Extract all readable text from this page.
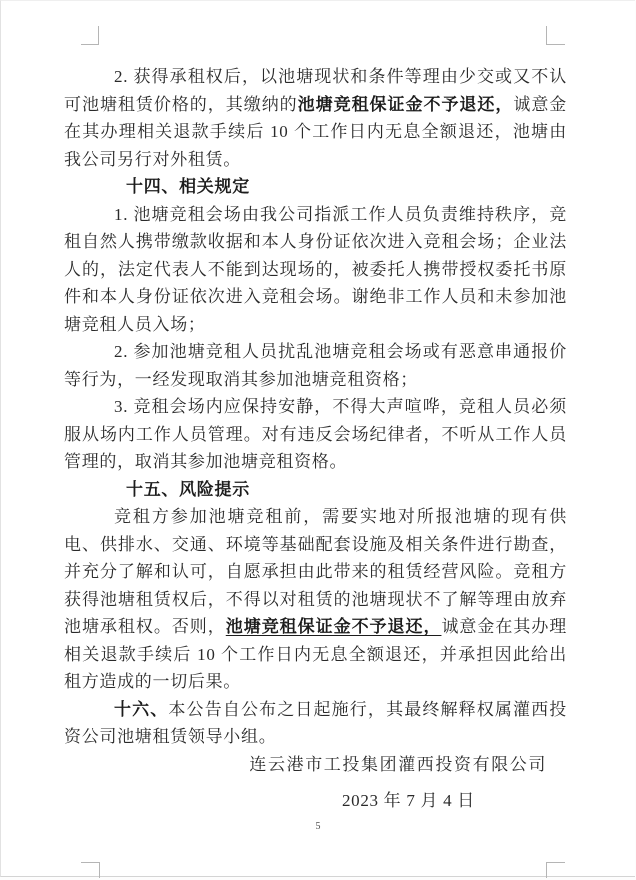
2. 获得承租权后，以池塘现状和条件等理由少交或又不认可池塘租赁价格的，其缴纳的池塘竞租保证金不予退还，诚意金在其办理相关退款手续后 10 个工作日内无息全额退还，池塘由我公司另行对外租赁。

十四、相关规定

1. 池塘竞租会场由我公司指派工作人员负责维持秩序，竞租自然人携带缴款收据和本人身份证依次进入竞租会场；企业法人的，法定代表人不能到达现场的，被委托人携带授权委托书原件和本人身份证依次进入竞租会场。谢绝非工作人员和未参加池塘竞租人员入场；

2. 参加池塘竞租人员扰乱池塘竞租会场或有恶意串通报价等行为，一经发现取消其参加池塘竞租资格；

3. 竞租会场内应保持安静，不得大声喧哗，竞租人员必须服从场内工作人员管理。对有违反会场纪律者，不听从工作人员管理的，取消其参加池塘竞租资格。

十五、风险提示

竞租方参加池塘竞租前，需要实地对所报池塘的现有供电、供排水、交通、环境等基础配套设施及相关条件进行勘查，并充分了解和认可，自愿承担由此带来的租赁经营风险。竞租方获得池塘租赁权后，不得以对租赁的池塘现状不了解等理由放弃池塘承租权。否则，池塘竞租保证金不予退还，诚意金在其办理相关退款手续后 10 个工作日内无息全额退还，并承担因此给出租方造成的一切后果。

十六、本公告自公布之日起施行，其最终解释权属灌西投资公司池塘租赁领导小组。

连云港市工投集团灌西投资有限公司

2023 年 7 月 4 日

5
